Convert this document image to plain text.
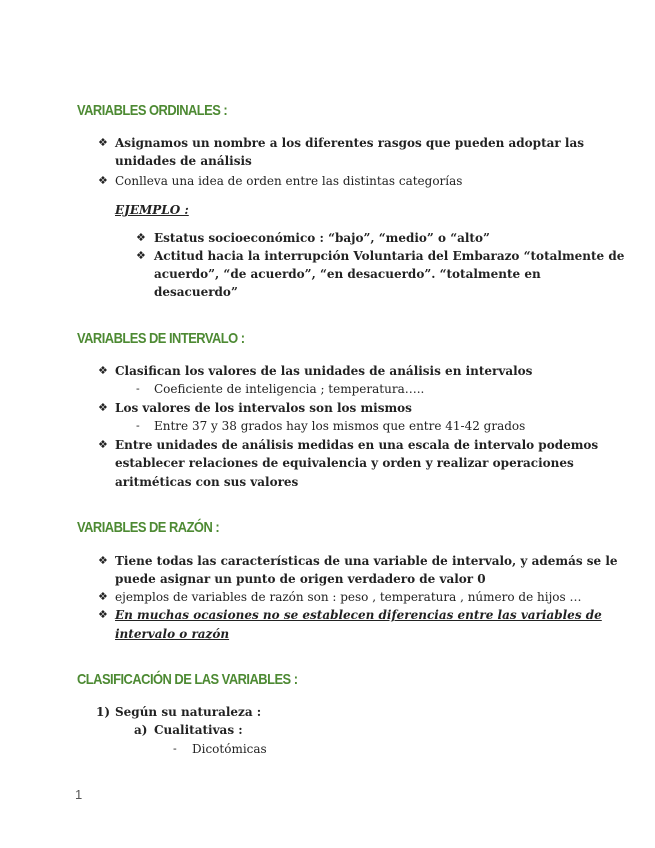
VARIABLES ORDINALES :
❖ Asignamos un nombre a los diferentes rasgos que pueden adoptar las
unidades de análisis
❖ Conlleva una idea de orden entre las distintas categorías
EJEMPLO :
❖ Estatus socioeconómico : “bajo”, “medio” o “alto”
❖ Actitud hacia la interrupción Voluntaria del Embarazo “totalmente de
acuerdo”, “de acuerdo”, “en desacuerdo”. “totalmente en
desacuerdo”
VARIABLES DE INTERVALO :
❖ Clasifican los valores de las unidades de análisis en intervalos
- Coeficiente de inteligencia ; temperatura…..
❖ Los valores de los intervalos son los mismos
- Entre 37 y 38 grados hay los mismos que entre 41-42 grados
❖ Entre unidades de análisis medidas en una escala de intervalo podemos
establecer relaciones de equivalencia y orden y realizar operaciones
aritméticas con sus valores
VARIABLES DE RAZÓN :
❖ Tiene todas las características de una variable de intervalo, y además se le
puede asignar un punto de origen verdadero de valor 0
❖ ejemplos de variables de razón son : peso , temperatura , número de hijos …
❖ En muchas ocasiones no se establecen diferencias entre las variables de
intervalo o razón
CLASIFICACIÓN DE LAS VARIABLES :
1) Según su naturaleza :
a) Cualitativas :
- Dicotómicas
1
